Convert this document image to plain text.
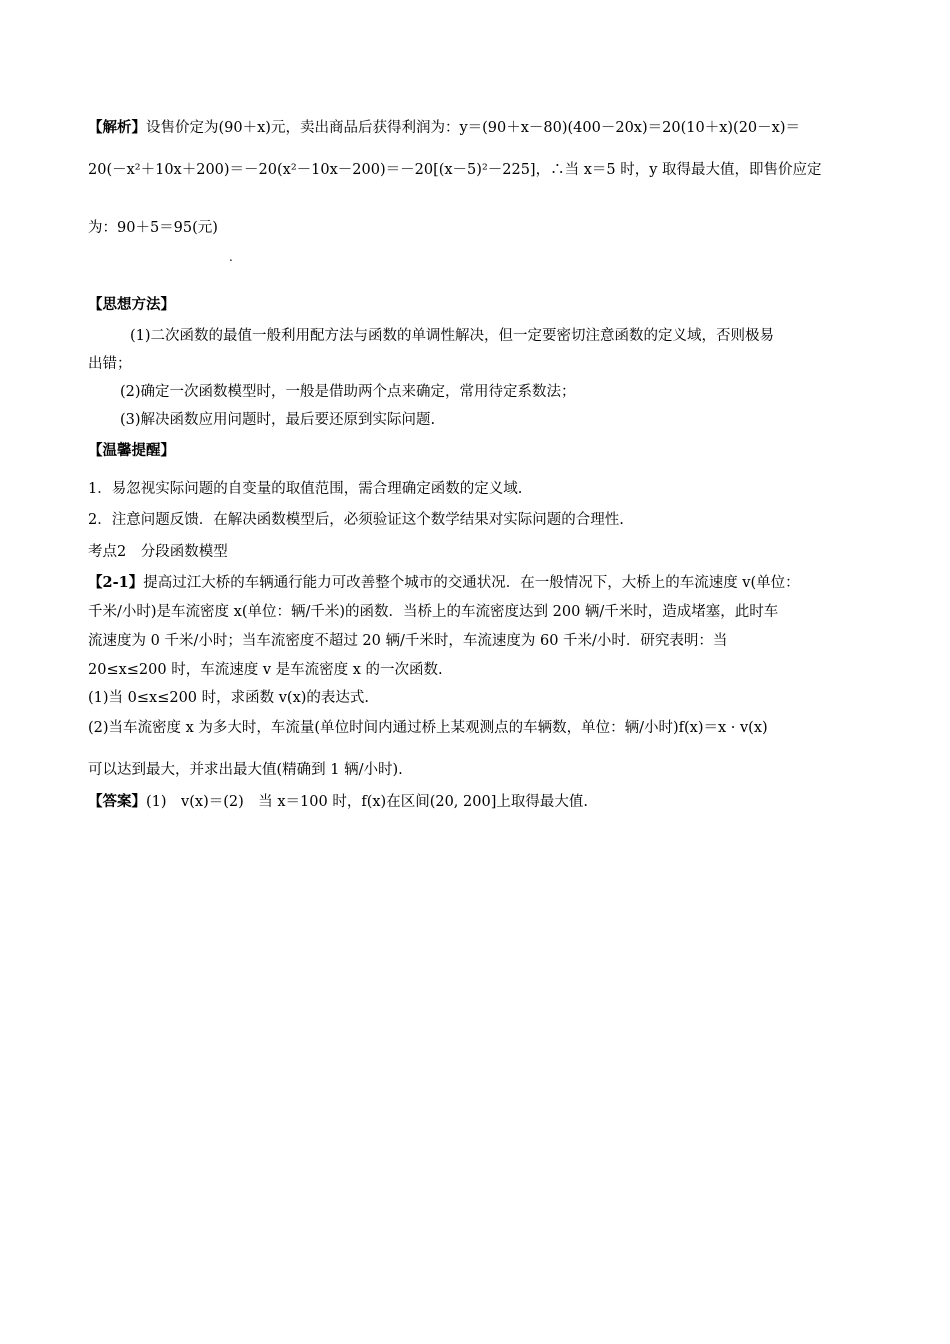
【解析】设售价定为(90＋x)元，卖出商品后获得利润为：y＝(90＋x－80)(400－20x)＝20(10＋x)(20－x)＝
20(－x²＋10x＋200)＝－20(x²－10x－200)＝－20[(x－5)²－225]，∴当 x＝5 时，y 取得最大值，即售价应定
为：90＋5＝95(元)
.
【思想方法】
(1)二次函数的最值一般利用配方法与函数的单调性解决，但一定要密切注意函数的定义域，否则极易
出错；
(2)确定一次函数模型时，一般是借助两个点来确定，常用待定系数法；
(3)解决函数应用问题时，最后要还原到实际问题.
【温馨提醒】
1．易忽视实际问题的自变量的取值范围，需合理确定函数的定义域.
2．注意问题反馈．在解决函数模型后，必须验证这个数学结果对实际问题的合理性.
考点2　分段函数模型
【2-1】提高过江大桥的车辆通行能力可改善整个城市的交通状况．在一般情况下，大桥上的车流速度 v(单位：
千米/小时)是车流密度 x(单位：辆/千米)的函数．当桥上的车流密度达到 200 辆/千米时，造成堵塞，此时车
流速度为 0 千米/小时；当车流密度不超过 20 辆/千米时，车流速度为 60 千米/小时．研究表明：当
20≤x≤200 时，车流速度 v 是车流密度 x 的一次函数.
(1)当 0≤x≤200 时，求函数 v(x)的表达式.
(2)当车流密度 x 为多大时，车流量(单位时间内通过桥上某观测点的车辆数，单位：辆/小时)f(x)＝x · v(x)
可以达到最大，并求出最大值(精确到 1 辆/小时).
【答案】(1)　v(x)＝(2)　当 x＝100 时，f(x)在区间(20, 200]上取得最大值.
